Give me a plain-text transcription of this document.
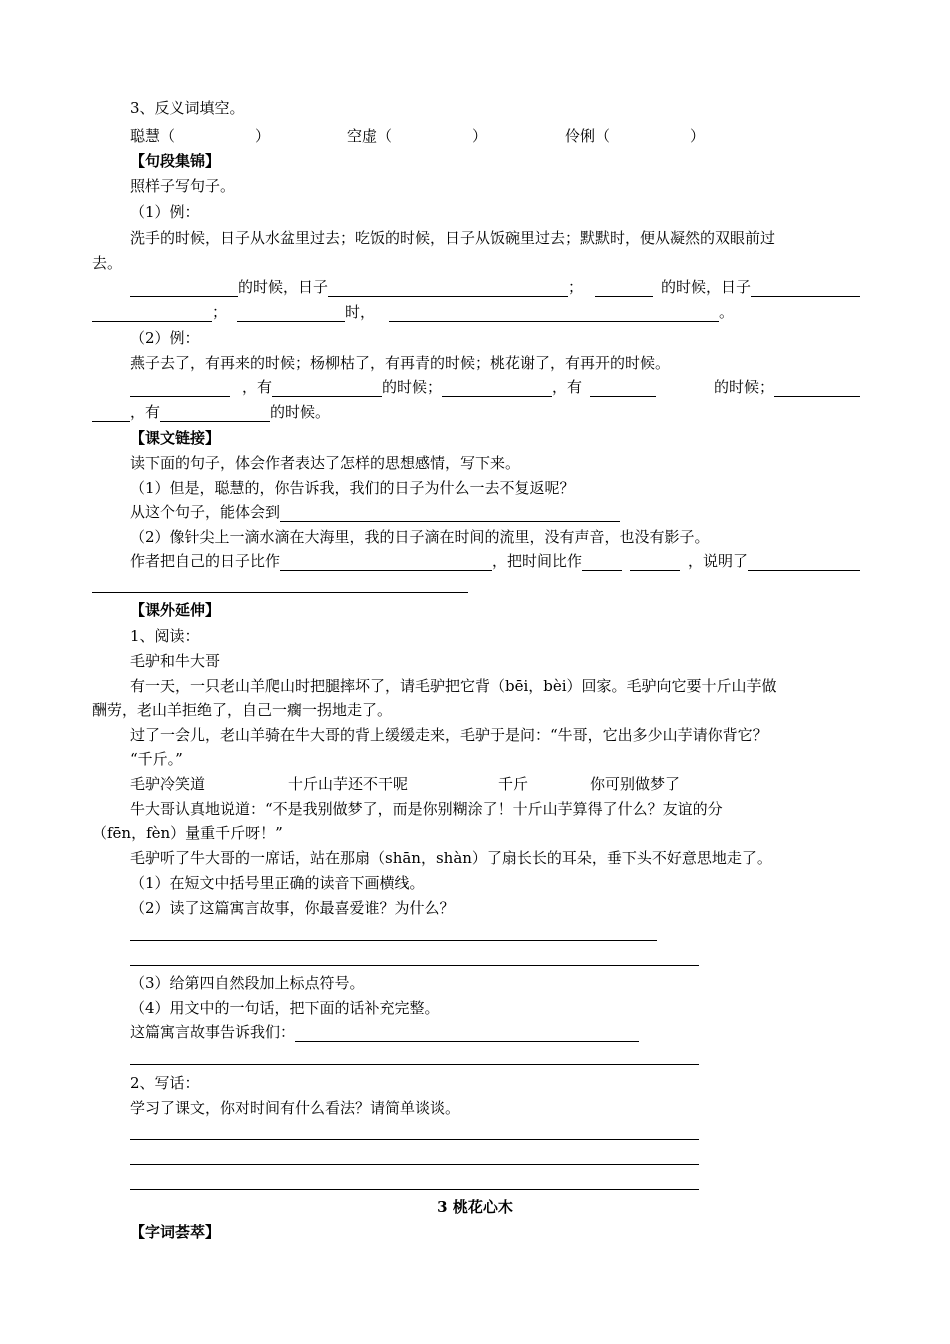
3、反义词填空。
聪慧（	）	空虚（	）	伶俐（	）
【句段集锦】
照样子写句子。
（1）例：
洗手的时候，日子从水盆里过去；吃饭的时候，日子从饭碗里过去；默默时，便从凝然的双眼前过
去。
的时候，日子	；	的时候，日子
；	时，	。
（2）例：
燕子去了，有再来的时候；杨柳枯了，有再青的时候；桃花谢了，有再开的时候。
，有	的时候；	，有	的时候；
，有	的时候。
【课文链接】
读下面的句子，体会作者表达了怎样的思想感情，写下来。
（1）但是，聪慧的，你告诉我，我们的日子为什么一去不复返呢？
从这个句子，能体会到
（2）像针尖上一滴水滴在大海里，我的日子滴在时间的流里，没有声音，也没有影子。
作者把自己的日子比作	，把时间比作	，说明了
【课外延伸】
1、阅读：
毛驴和牛大哥
有一天，一只老山羊爬山时把腿摔坏了，请毛驴把它背（bēi，bèi）回家。毛驴向它要十斤山芋做
酬劳，老山羊拒绝了，自己一瘸一拐地走了。
过了一会儿，老山羊骑在牛大哥的背上缓缓走来，毛驴于是问：“牛哥，它出多少山芋请你背它？
“千斤。”
毛驴冷笑道	十斤山芋还不干呢	千斤	你可别做梦了
牛大哥认真地说道：“不是我别做梦了，而是你别糊涂了！十斤山芋算得了什么？友谊的分
（fēn，fèn）量重千斤呀！”
毛驴听了牛大哥的一席话，站在那扇（shān，shàn）了扇长长的耳朵，垂下头不好意思地走了。
（1）在短文中括号里正确的读音下画横线。
（2）读了这篇寓言故事，你最喜爱谁？为什么？
（3）给第四自然段加上标点符号。
（4）用文中的一句话，把下面的话补充完整。
这篇寓言故事告诉我们：
2、写话：
学习了课文，你对时间有什么看法？请简单谈谈。
3 桃花心木
【字词荟萃】
